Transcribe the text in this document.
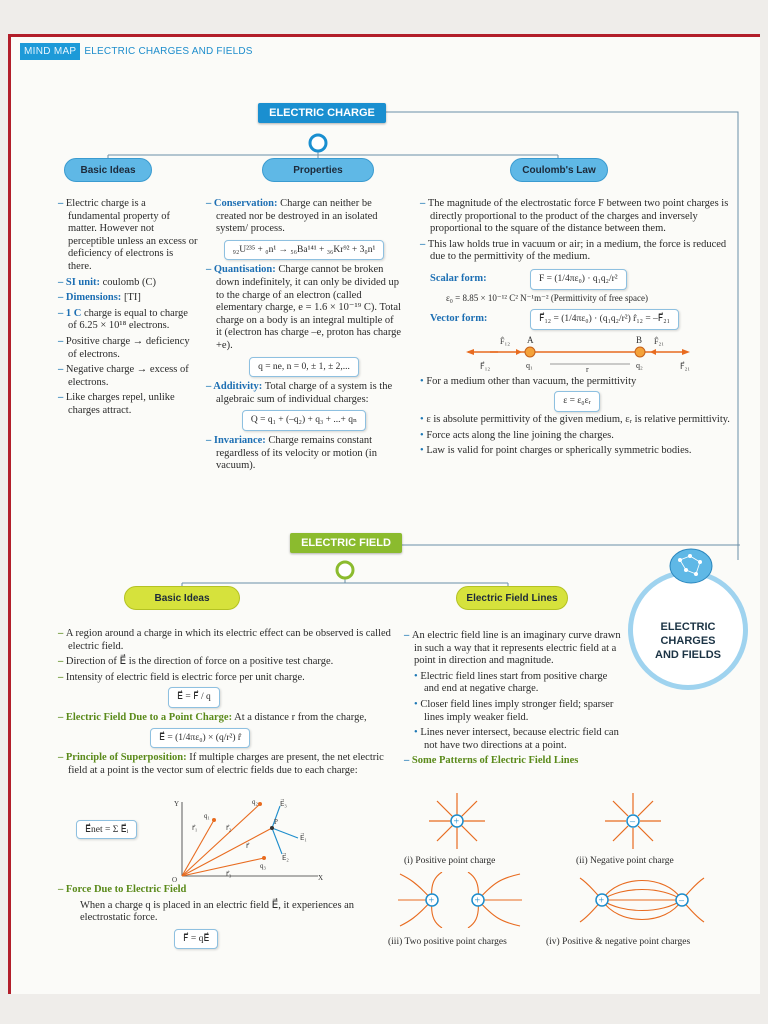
MIND MAP ELECTRIC CHARGES AND FIELDS
ELECTRIC CHARGE
ELECTRIC FIELD
Basic Ideas	Properties	Coulomb's Law
Basic Ideas	Electric Field Lines

– Electric charge is a fundamental property of matter. However not perceptible unless an excess or deficiency of electrons is there.

– SI unit: coulomb (C)

– Dimensions: [TI]

– 1 C charge is equal to charge of 6.25 × 10¹⁸ electrons.

– Positive charge → deficiency of electrons.

– Negative charge → excess of electrons.

– Like charges repel, unlike charges attract.

– Conservation: Charge can neither be created nor be destroyed in an isolated system/ process.

₉₂U²³⁵ + ₀n¹ → ₅₆Ba¹⁴¹ + ₃₆Kr⁹² + 3₀n¹

– Quantisation: Charge cannot be broken down indefinitely, it can only be divided up to the charge of an electron (called elementary charge, e = 1.6 × 10⁻¹⁹ C). Total charge on a body is an integral multiple of it (electron has charge –e, proton has charge +e).

q = ne, n = 0, ± 1, ± 2,...

– Additivity: Total charge of a system is the algebraic sum of individual charges:

Q = q₁ + (–q₂) + q₃ + ...+ qₙ

– Invariance: Charge remains constant regardless of its velocity or motion (in vacuum).

– The magnitude of the electrostatic force F between two point charges is directly proportional to the product of the charges and inversely proportional to the square of the distance between them.

– This law holds true in vacuum or air; in a medium, the force is reduced due to the permittivity of the medium.

Scalar form:	F = (1/4πε₀) · q₁q₂/r²

ε₀ = 8.85 × 10⁻¹² C² N⁻¹m⁻² (Permittivity of free space)

Vector form:	F⃗₁₂ = (1/4πε₀) · (q₁q₂/r²) r̂₁₂ = –F⃗₂₁
F̂₁₂ A	B F̂₂₁
F⃗₁₂	q₁	r	q₂	F⃗₂₁

• For a medium other than vacuum, the permittivity

ε = ε₀εᵣ

• ε is absolute permittivity of the given medium, εᵣ is relative permittivity.

• Force acts along the line joining the charges.

• Law is valid for point charges or spherically symmetric bodies.

– A region around a charge in which its electric effect can be observed is called electric field.

– Direction of E⃗ is the direction of force on a positive test charge.

– Intensity of electric field is electric force per unit charge.

E⃗ = F⃗ / q

– Electric Field Due to a Point Charge: At a distance r from the charge,

E⃗ = (1/4πε₀) × (q/r²) r̂

– Principle of Superposition: If multiple charges are present, the net electric field at a point is the vector sum of electric fields due to each charge:

E⃗net = Σ E⃗ᵢ
Y
X
O
P
q₁
q₂
q₃
r⃗₁	r⃗₂
r⃗₃
E⃗₁
E⃗₂
E⃗₃
r⃗

– Force Due to Electric Field

When a charge q is placed in an electric field E⃗, it experiences an electrostatic force.

F⃗ = qE⃗

– An electric field line is an imaginary curve drawn in such a way that it represents electric field at a point in direction and magnitude.

• Electric field lines start from positive charge and end at negative charge.

• Closer field lines imply stronger field; sparser lines imply weaker field.

• Lines never intersect, because electric field can not have two directions at a point.

– Some Patterns of Electric Field Lines

+	–
+	+	+	–
(i) Positive point charge	(ii) Negative point charge
(iii) Two positive point charges	(iv) Positive & negative point charges
ELECTRIC
CHARGES
AND FIELDS
